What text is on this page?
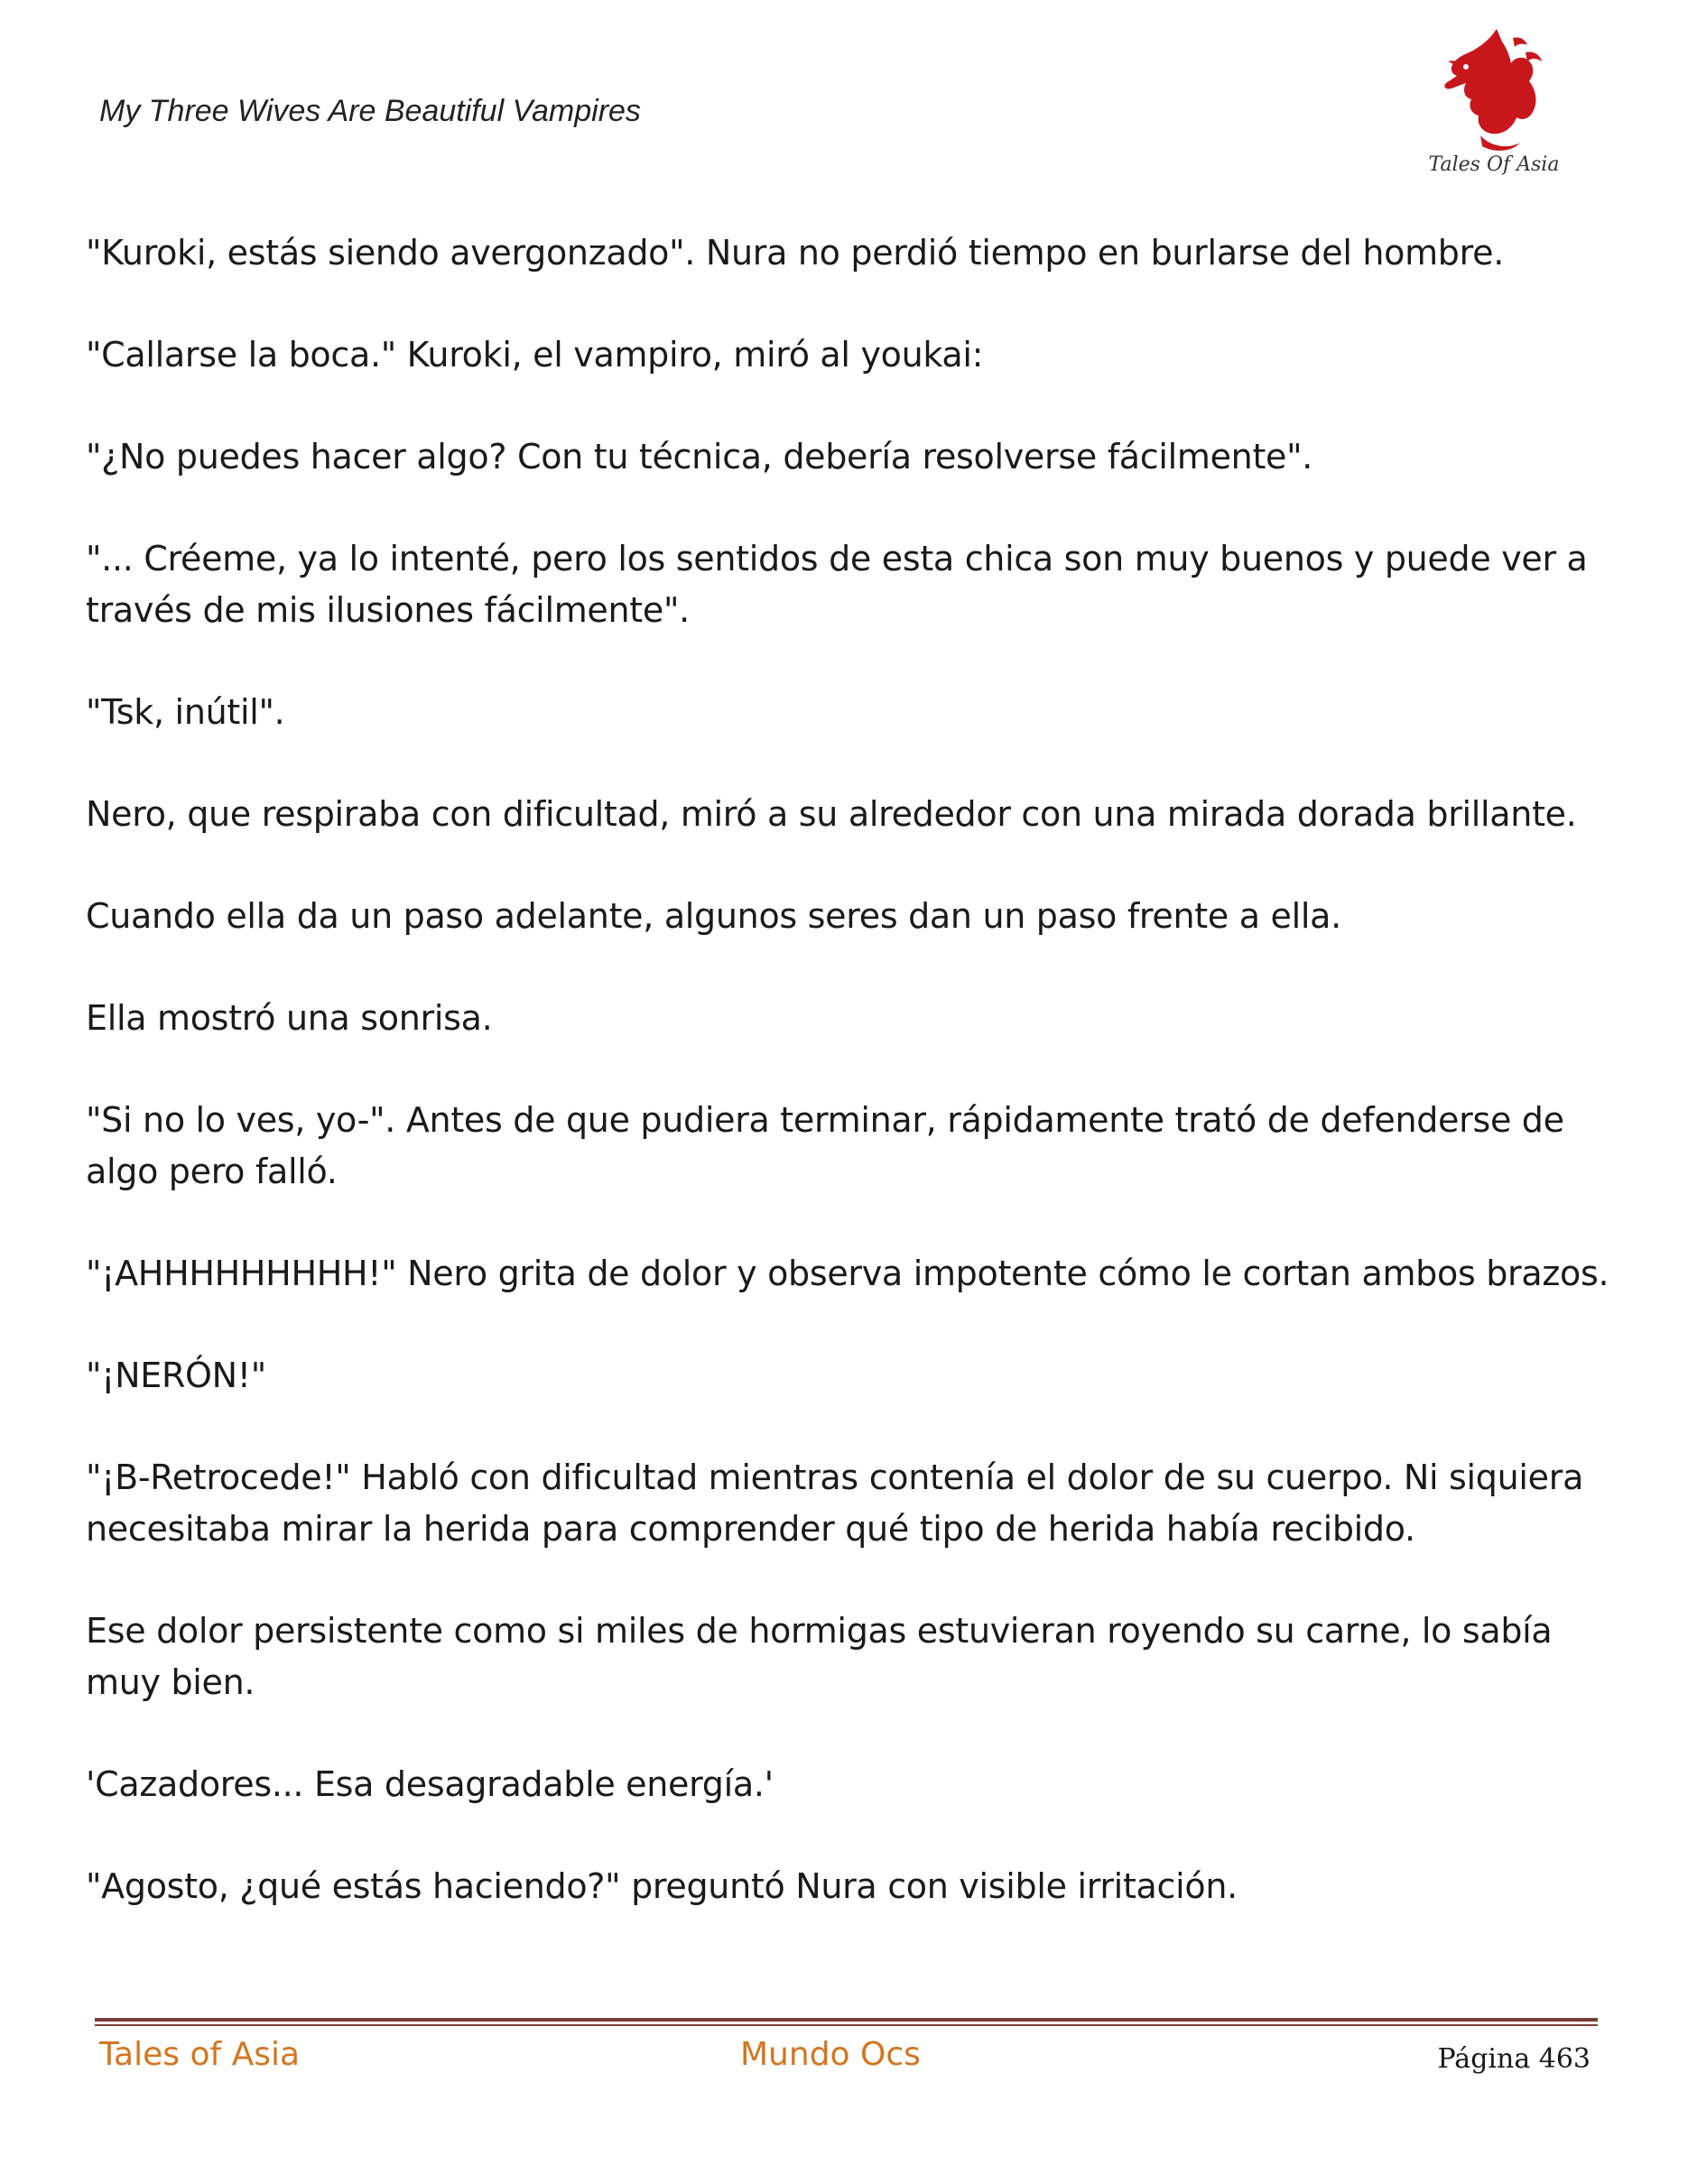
My Three Wives Are Beautiful Vampires
Tales Of Asia

"Kuroki, estás siendo avergonzado". Nura no perdió tiempo en burlarse del hombre.

"Callarse la boca." Kuroki, el vampiro, miró al youkai:

"¿No puedes hacer algo? Con tu técnica, debería resolverse fácilmente".

"... Créeme, ya lo intenté, pero los sentidos de esta chica son muy buenos y puede ver a través de mis ilusiones fácilmente".

"Tsk, inútil".

Nero, que respiraba con dificultad, miró a su alrededor con una mirada dorada brillante.

Cuando ella da un paso adelante, algunos seres dan un paso frente a ella.

Ella mostró una sonrisa.

"Si no lo ves, yo-". Antes de que pudiera terminar, rápidamente trató de defenderse de algo pero falló.

"¡AHHHHHHHHH!" Nero grita de dolor y observa impotente cómo le cortan ambos brazos.

"¡NERÓN!"

"¡B-Retrocede!" Habló con dificultad mientras contenía el dolor de su cuerpo. Ni siquiera necesitaba mirar la herida para comprender qué tipo de herida había recibido.

Ese dolor persistente como si miles de hormigas estuvieran royendo su carne, lo sabía muy bien.

'Cazadores... Esa desagradable energía.'

"Agosto, ¿qué estás haciendo?" preguntó Nura con visible irritación.

Tales of Asia	Mundo Ocs	Página 463
